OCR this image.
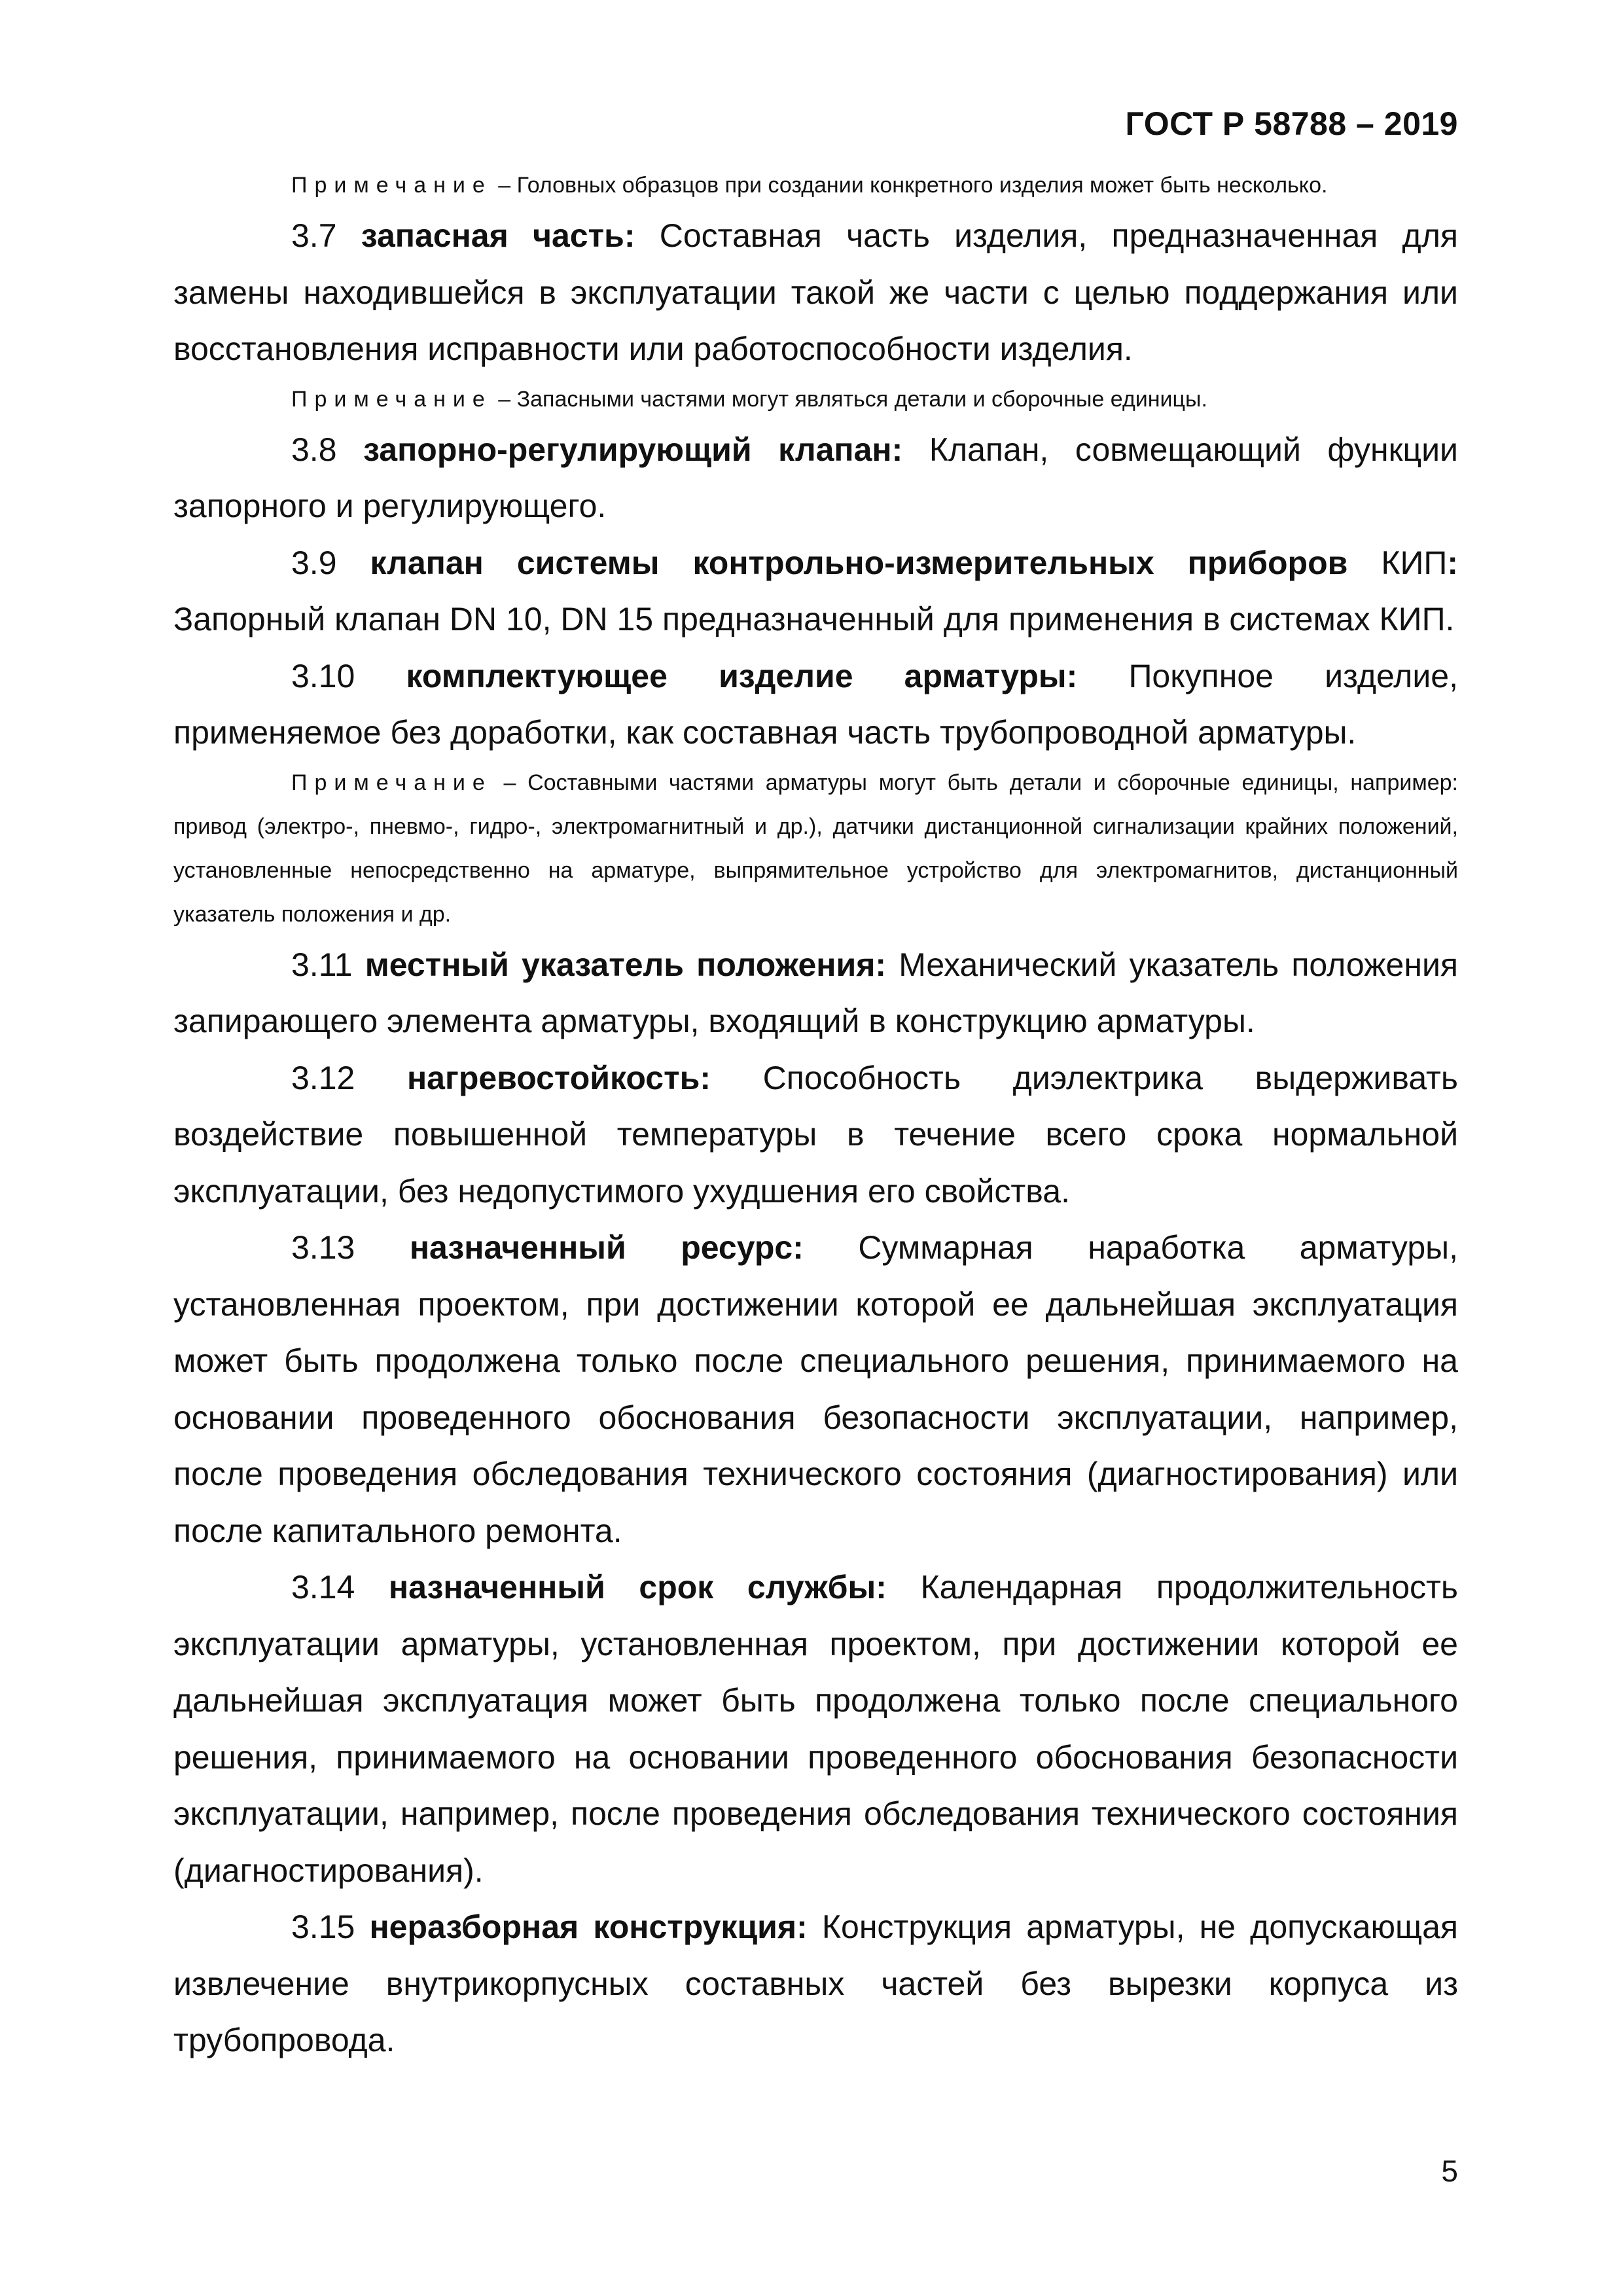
ГОСТ Р 58788 – 2019

Примечание – Головных образцов при создании конкретного изделия может быть несколько.

3.7 запасная часть: Составная часть изделия, предназначенная для замены находившейся в эксплуатации такой же части с целью поддержания или восстановления исправности или работоспособности изделия.

Примечание – Запасными частями могут являться детали и сборочные единицы.

3.8 запорно-регулирующий клапан: Клапан, совмещающий функции запорного и регулирующего.

3.9 клапан системы контрольно-измерительных приборов КИП: Запорный клапан DN 10, DN 15 предназначенный для применения в системах КИП.

3.10 комплектующее изделие арматуры: Покупное изделие, применяемое без доработки, как составная часть трубопроводной арматуры.

Примечание – Составными частями арматуры могут быть детали и сборочные единицы, например: привод (электро-, пневмо-, гидро-, электромагнитный и др.), датчики дистанционной сигнализации крайних положений, установленные непосредственно на арматуре, выпрямительное устройство для электромагнитов, дистанционный указатель положения и др.

3.11 местный указатель положения: Механический указатель положения запирающего элемента арматуры, входящий в конструкцию арматуры.

3.12 нагревостойкость: Способность диэлектрика выдерживать воздействие повышенной температуры в течение всего срока нормальной эксплуатации, без недопустимого ухудшения его свойства.

3.13 назначенный ресурс: Суммарная наработка арматуры, установленная проектом, при достижении которой ее дальнейшая эксплуатация может быть продолжена только после специального решения, принимаемого на основании проведенного обоснования безопасности эксплуатации, например, после проведения обследования технического состояния (диагностирования) или после капитального ремонта.

3.14 назначенный срок службы: Календарная продолжительность эксплуатации арматуры, установленная проектом, при достижении которой ее дальнейшая эксплуатация может быть продолжена только после специального решения, принимаемого на основании проведенного обоснования безопасности эксплуатации, например, после проведения обследования технического состояния (диагностирования).

3.15 неразборная конструкция: Конструкция арматуры, не допускающая извлечение внутрикорпусных составных частей без вырезки корпуса из трубопровода.

5
